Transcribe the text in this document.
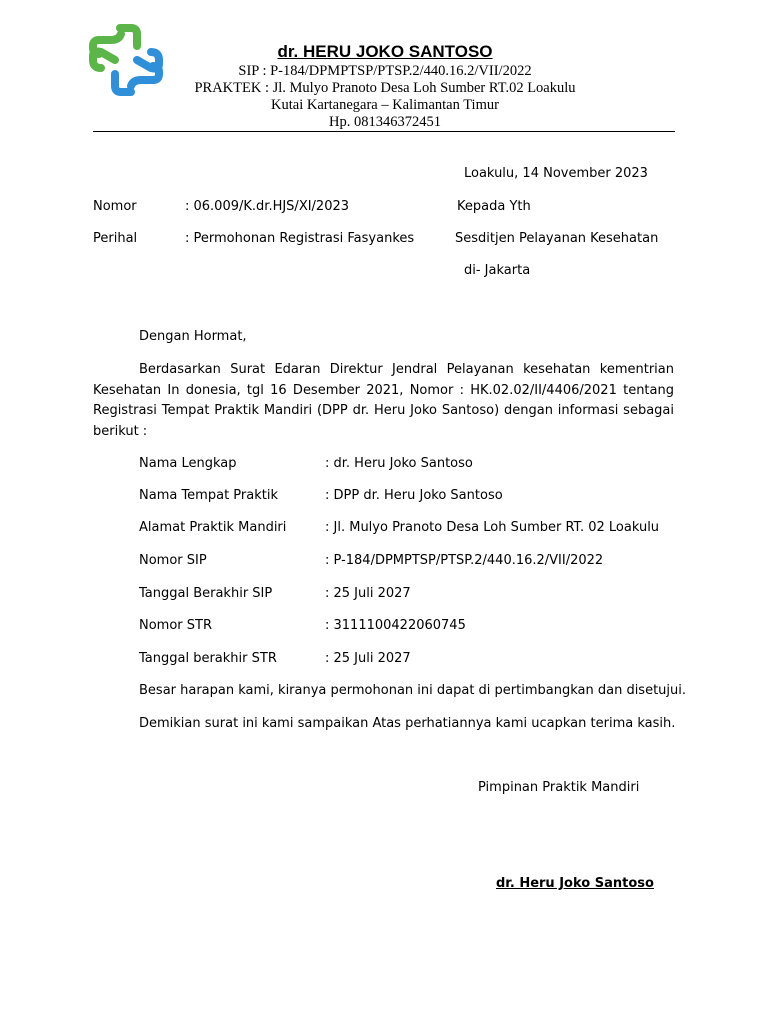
dr. HERU JOKO SANTOSO
SIP : P-184/DPMPTSP/PTSP.2/440.16.2/VII/2022
PRAKTEK : Jl. Mulyo Pranoto Desa Loh Sumber RT.02 Loakulu
Kutai Kartanegara – Kalimantan Timur
Hp. 081346372451
Loakulu, 14 November 2023
Nomor	: 06.009/K.dr.HJS/XI/2023	Kepada Yth
Perihal	: Permohonan Registrasi Fasyankes	Sesditjen Pelayanan Kesehatan
di- Jakarta
Dengan Hormat,
Berdasarkan Surat Edaran Direktur Jendral Pelayanan kesehatan kementrian
Kesehatan In donesia, tgl 16 Desember 2021, Nomor : HK.02.02/II/4406/2021 tentang
Registrasi Tempat Praktik Mandiri (DPP dr. Heru Joko Santoso) dengan informasi sebagai
berikut :
Nama Lengkap	: dr. Heru Joko Santoso
Nama Tempat Praktik	: DPP dr. Heru Joko Santoso
Alamat Praktik Mandiri	: Jl. Mulyo Pranoto Desa Loh Sumber RT. 02 Loakulu
Nomor SIP	: P-184/DPMPTSP/PTSP.2/440.16.2/VII/2022
Tanggal Berakhir SIP	: 25 Juli 2027
Nomor STR	: 3111100422060745
Tanggal berakhir STR	: 25 Juli 2027
Besar harapan kami, kiranya permohonan ini dapat di pertimbangkan dan disetujui.
Demikian surat ini kami sampaikan Atas perhatiannya kami ucapkan terima kasih.
Pimpinan Praktik Mandiri
dr. Heru Joko Santoso
